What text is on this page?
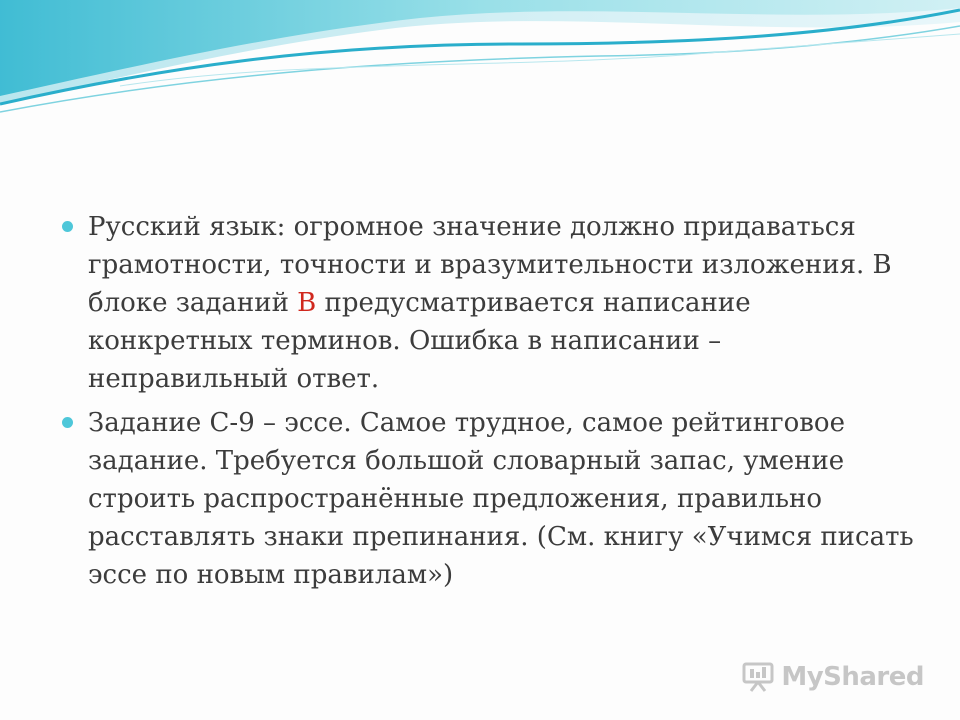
Русский язык: огромное значение должно придаваться грамотности, точности и вразумительности изложения. В блоке заданий В предусматривается написание конкретных терминов. Ошибка в написании – неправильный ответ.
Задание С-9 – эссе. Самое трудное, самое рейтинговое задание. Требуется большой словарный запас, умение строить распространённые предложения, правильно расставлять знаки препинания. (См. книгу «Учимся писать эссе по новым правилам»)
MyShared
